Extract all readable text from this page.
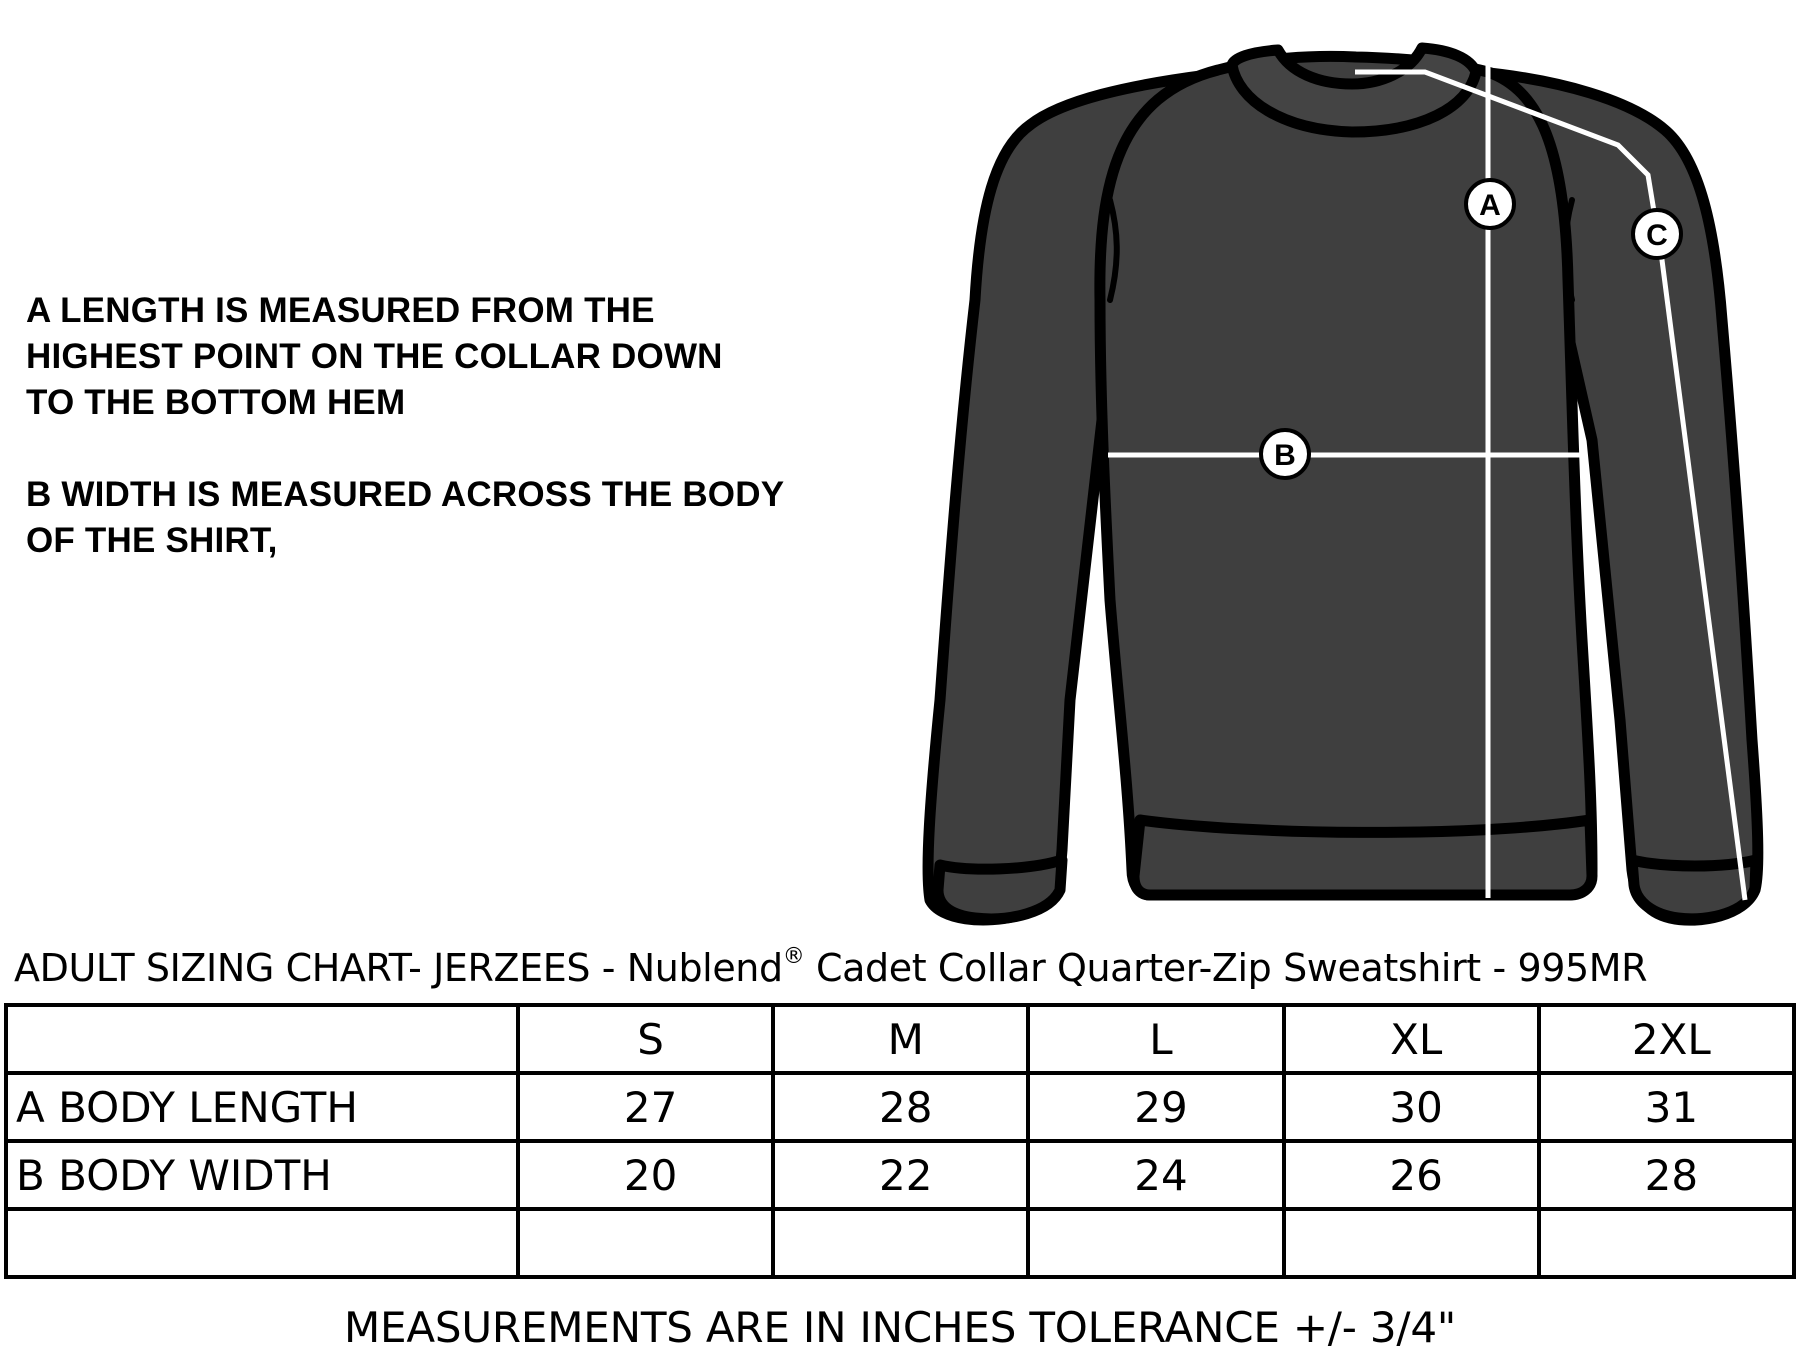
A LENGTH IS MEASURED FROM THE
HIGHEST POINT ON THE COLLAR DOWN
TO THE BOTTOM HEM

B WIDTH IS MEASURED ACROSS THE BODY
OF THE SHIRT,

A
B
C
ADULT SIZING CHART- JERZEES - Nublend® Cadet Collar Quarter-Zip Sweatshirt - 995MR
	S	M	L	XL	2XL
A BODY LENGTH	27	28	29	30	31
B BODY WIDTH	20	22	24	26	28

MEASUREMENTS ARE IN INCHES TOLERANCE +/- 3/4"
